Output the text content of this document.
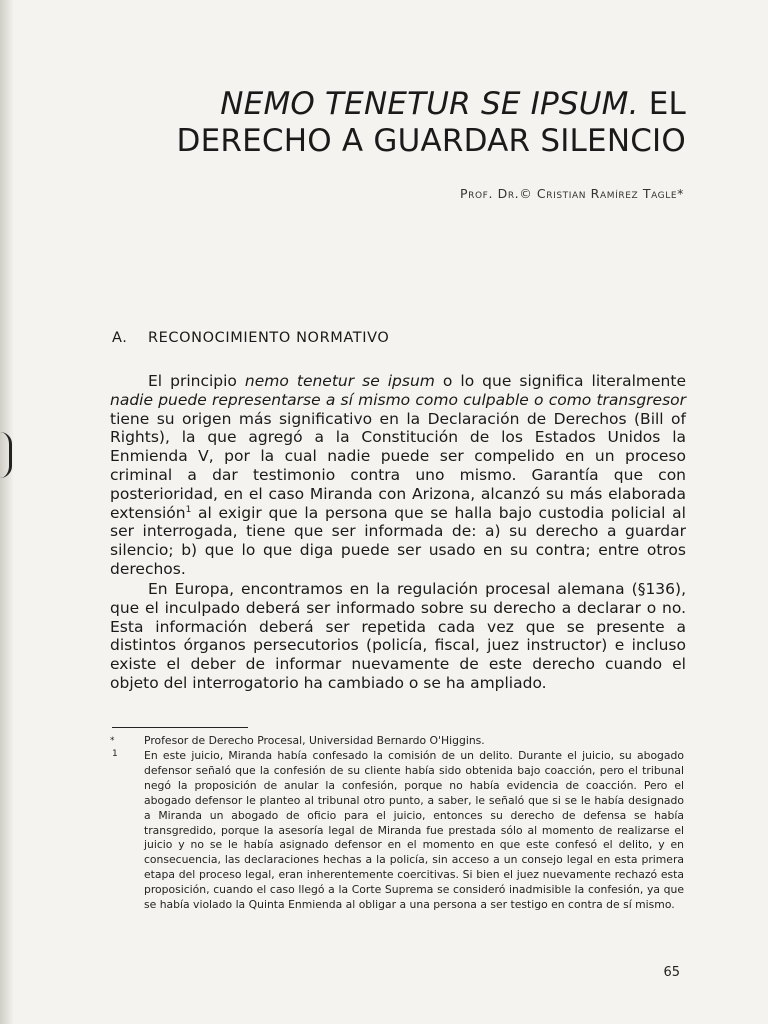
NEMO TENETUR SE IPSUM. EL
DERECHO A GUARDAR SILENCIO
Prof. Dr.© Cristian Ramírez Tagle*
A. RECONOCIMIENTO NORMATIVO

El principio nemo tenetur se ipsum o lo que significa literalmente nadie puede representarse a sí mismo como culpable o como transgresor tiene su origen más significativo en la Declaración de Derechos (Bill of Rights), la que agregó a la Constitución de los Estados Unidos la Enmienda V, por la cual nadie puede ser compelido en un proceso criminal a dar testimonio contra uno mismo. Garantía que con posterioridad, en el caso Miranda con Arizona, alcanzó su más elaborada extensión$^1$ al exigir que la persona que se halla bajo custodia policial al ser interrogada, tiene que ser informada de: a) su derecho a guardar silencio; b) que lo que diga puede ser usado en su contra; entre otros derechos.

En Europa, encontramos en la regulación procesal alemana (§136), que el inculpado deberá ser informado sobre su derecho a declarar o no. Esta información deberá ser repetida cada vez que se presente a distintos órganos persecutorios (policía, fiscal, juez instructor) e incluso existe el deber de informar nuevamente de este derecho cuando el objeto del interrogatorio ha cambiado o se ha ampliado.

*	Profesor de Derecho Procesal, Universidad Bernardo O'Higgins.
1 En este juicio, Miranda había confesado la comisión de un delito. Durante el juicio, su abogado defensor señaló que la confesión de su cliente había sido obtenida bajo coacción, pero el tribunal negó la proposición de anular la confesión, porque no había evidencia de coacción. Pero el abogado defensor le planteo al tribunal otro punto, a saber, le señaló que si se le había designado a Miranda un abogado de oficio para el juicio, entonces su derecho de defensa se había transgredido, porque la asesoría legal de Miranda fue prestada sólo al momento de realizarse el juicio y no se le había asignado defensor en el momento en que este confesó el delito, y en consecuencia, las declaraciones hechas a la policía, sin acceso a un consejo legal en esta primera etapa del proceso legal, eran inherentemente coercitivas. Si bien el juez nuevamente rechazó esta proposición, cuando el caso llegó a la Corte Suprema se consideró inadmisible la confesión, ya que se había violado la Quinta Enmienda al obligar a una persona a ser testigo en contra de sí mismo.
65
